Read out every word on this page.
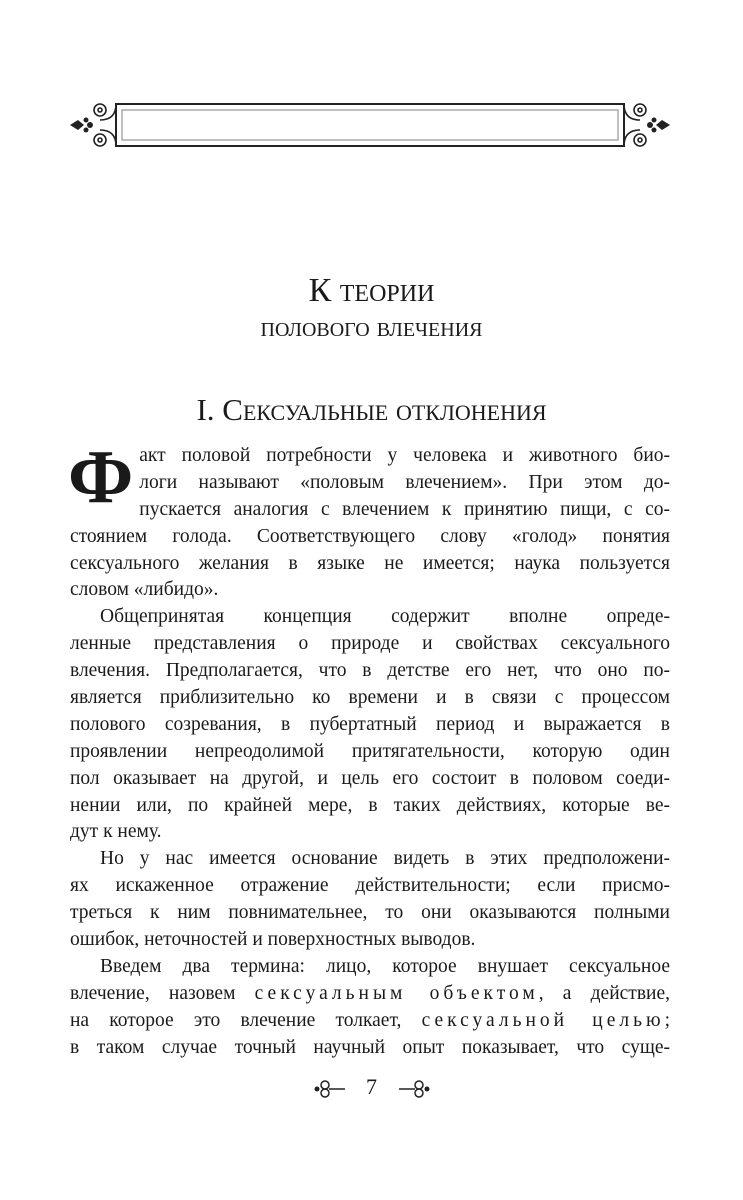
К теории
полового влечения
I. Сексуальные отклонения
Ф акт половой потребности у человека и животного био-
логи называют «половым влечением». При этом до-
пускается аналогия с влечением к принятию пищи, с со-
стоянием голода. Соответствующего слову «голод» понятия
сексуального желания в языке не имеется; наука пользуется
словом «либидо».
Общепринятая концепция содержит вполне опреде-
ленные представления о природе и свойствах сексуального
влечения. Предполагается, что в детстве его нет, что оно по-
является приблизительно ко времени и в связи с процессом
полового созревания, в пубертатный период и выражается в
проявлении непреодолимой притягательности, которую один
пол оказывает на другой, и цель его состоит в половом соеди-
нении или, по крайней мере, в таких действиях, которые ве-
дут к нему.
Но у нас имеется основание видеть в этих предположени-
ях искаженное отражение действительности; если присмо-
треться к ним повнимательнее, то они оказываются полными
ошибок, неточностей и поверхностных выводов.
Введем два термина: лицо, которое внушает сексуальное
влечение, назовем сексуальным объектом, а действие,
на которое это влечение толкает, сексуальной целью;
в таком случае точный научный опыт показывает, что суще-
7
